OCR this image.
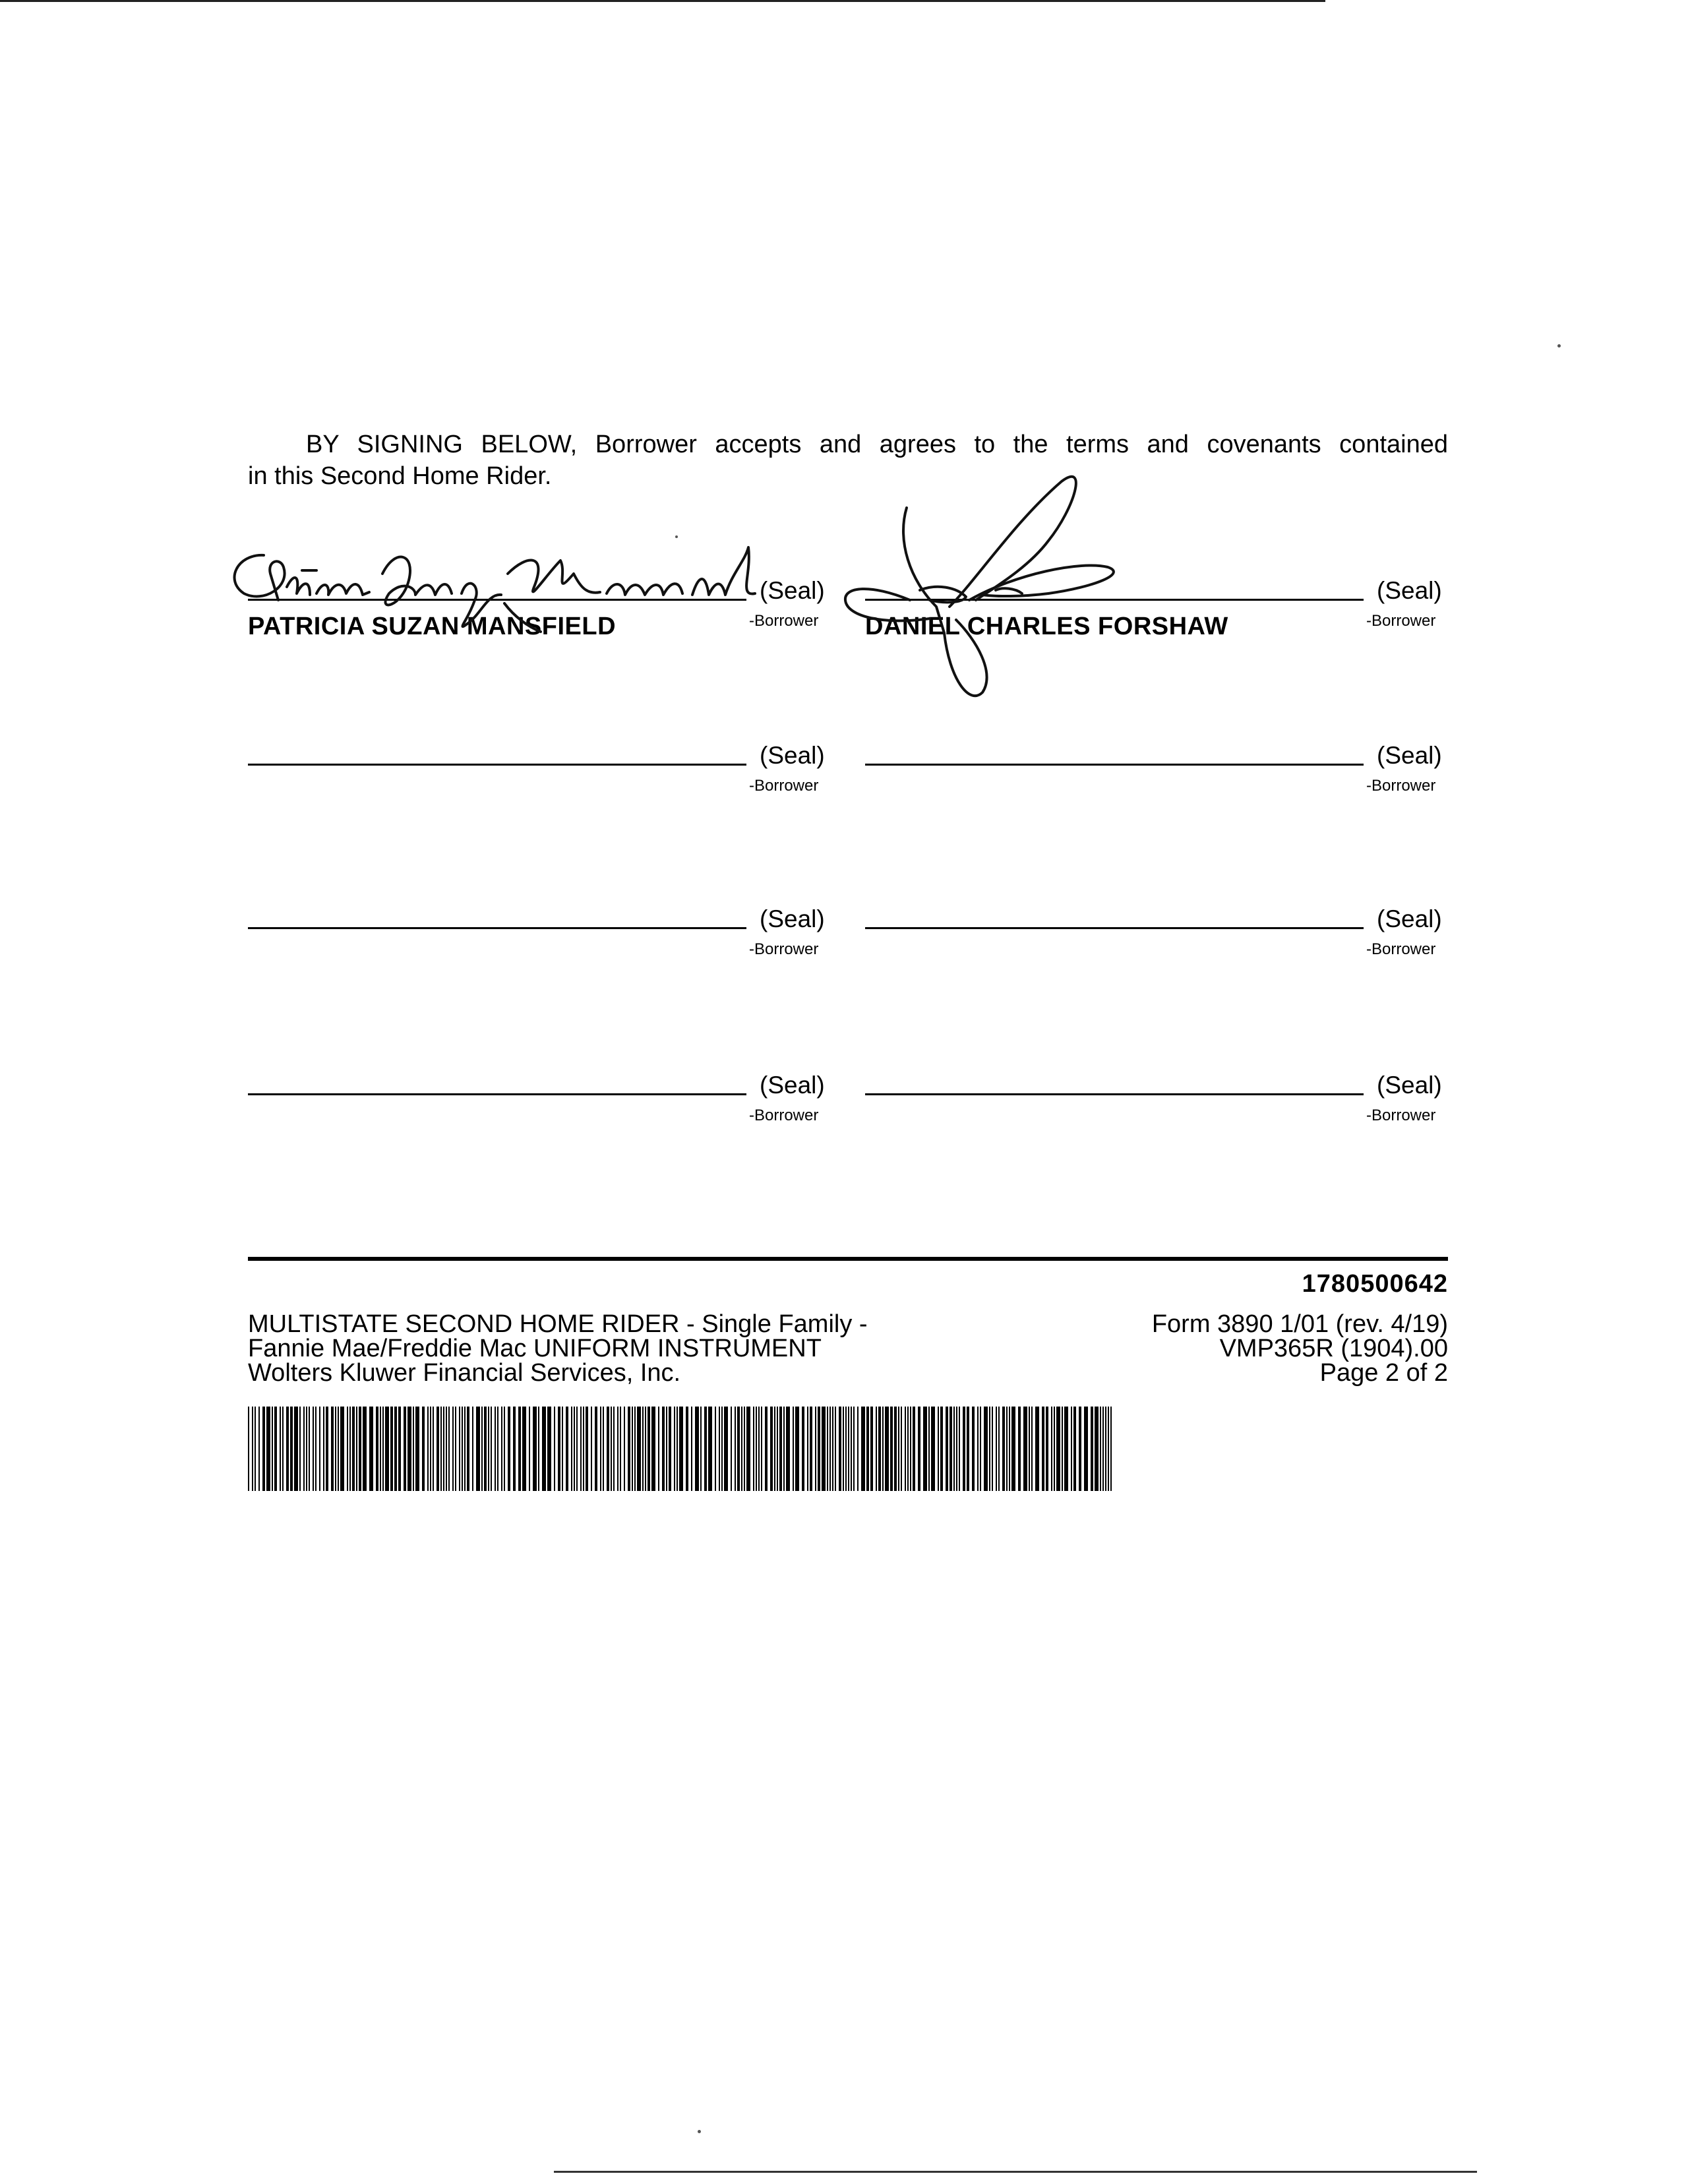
BY SIGNING BELOW, Borrower accepts and agrees to the terms and covenants contained
in this Second Home Rider.
(Seal)
-Borrower
PATRICIA SUZAN MANSFIELD
(Seal)
-Borrower
DANIEL CHARLES FORSHAW
(Seal)
-Borrower
(Seal)
-Borrower
(Seal)
-Borrower
(Seal)
-Borrower
(Seal)
-Borrower
(Seal)
-Borrower
1780500642
MULTISTATE SECOND HOME RIDER - Single Family -
Fannie Mae/Freddie Mac UNIFORM INSTRUMENT
Wolters Kluwer Financial Services, Inc.
Form 3890 1/01 (rev. 4/19)
VMP365R (1904).00
Page 2 of 2
